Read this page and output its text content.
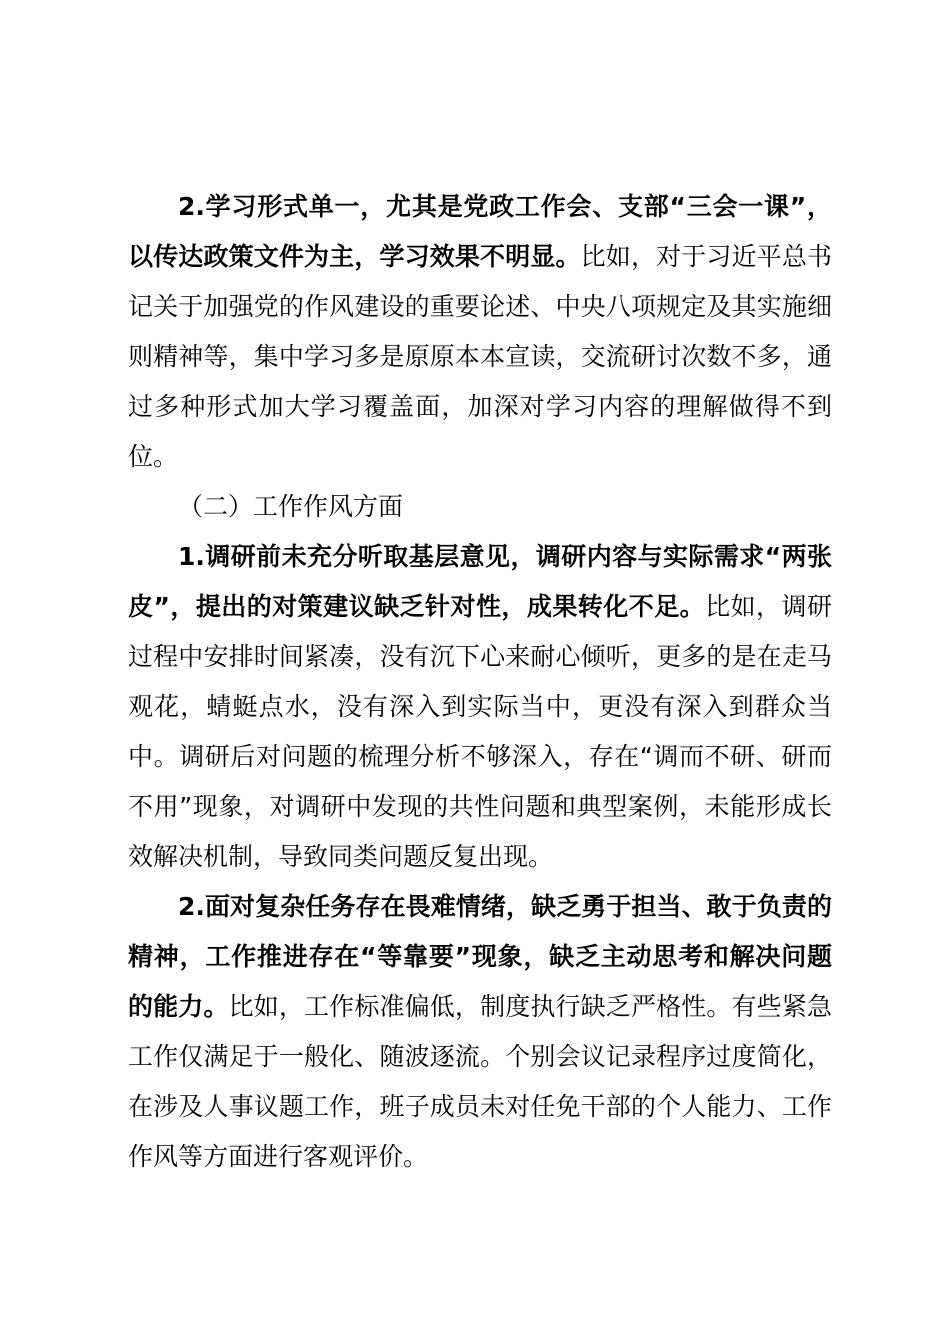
2.学习形式单一，尤其是党政工作会、支部“三会一课”，以传达政策文件为主，学习效果不明显。比如，对于习近平总书记关于加强党的作风建设的重要论述、中央八项规定及其实施细则精神等，集中学习多是原原本本宣读，交流研讨次数不多，通过多种形式加大学习覆盖面，加深对学习内容的理解做得不到位。

（二）工作作风方面

1.调研前未充分听取基层意见，调研内容与实际需求“两张皮”，提出的对策建议缺乏针对性，成果转化不足。比如，调研过程中安排时间紧凑，没有沉下心来耐心倾听，更多的是在走马观花，蜻蜓点水，没有深入到实际当中，更没有深入到群众当中。调研后对问题的梳理分析不够深入，存在“调而不研、研而不用”现象，对调研中发现的共性问题和典型案例，未能形成长效解决机制，导致同类问题反复出现。

2.面对复杂任务存在畏难情绪，缺乏勇于担当、敢于负责的精神，工作推进存在“等靠要”现象，缺乏主动思考和解决问题的能力。比如，工作标准偏低，制度执行缺乏严格性。有些紧急工作仅满足于一般化、随波逐流。个别会议记录程序过度简化，在涉及人事议题工作，班子成员未对任免干部的个人能力、工作作风等方面进行客观评价。
